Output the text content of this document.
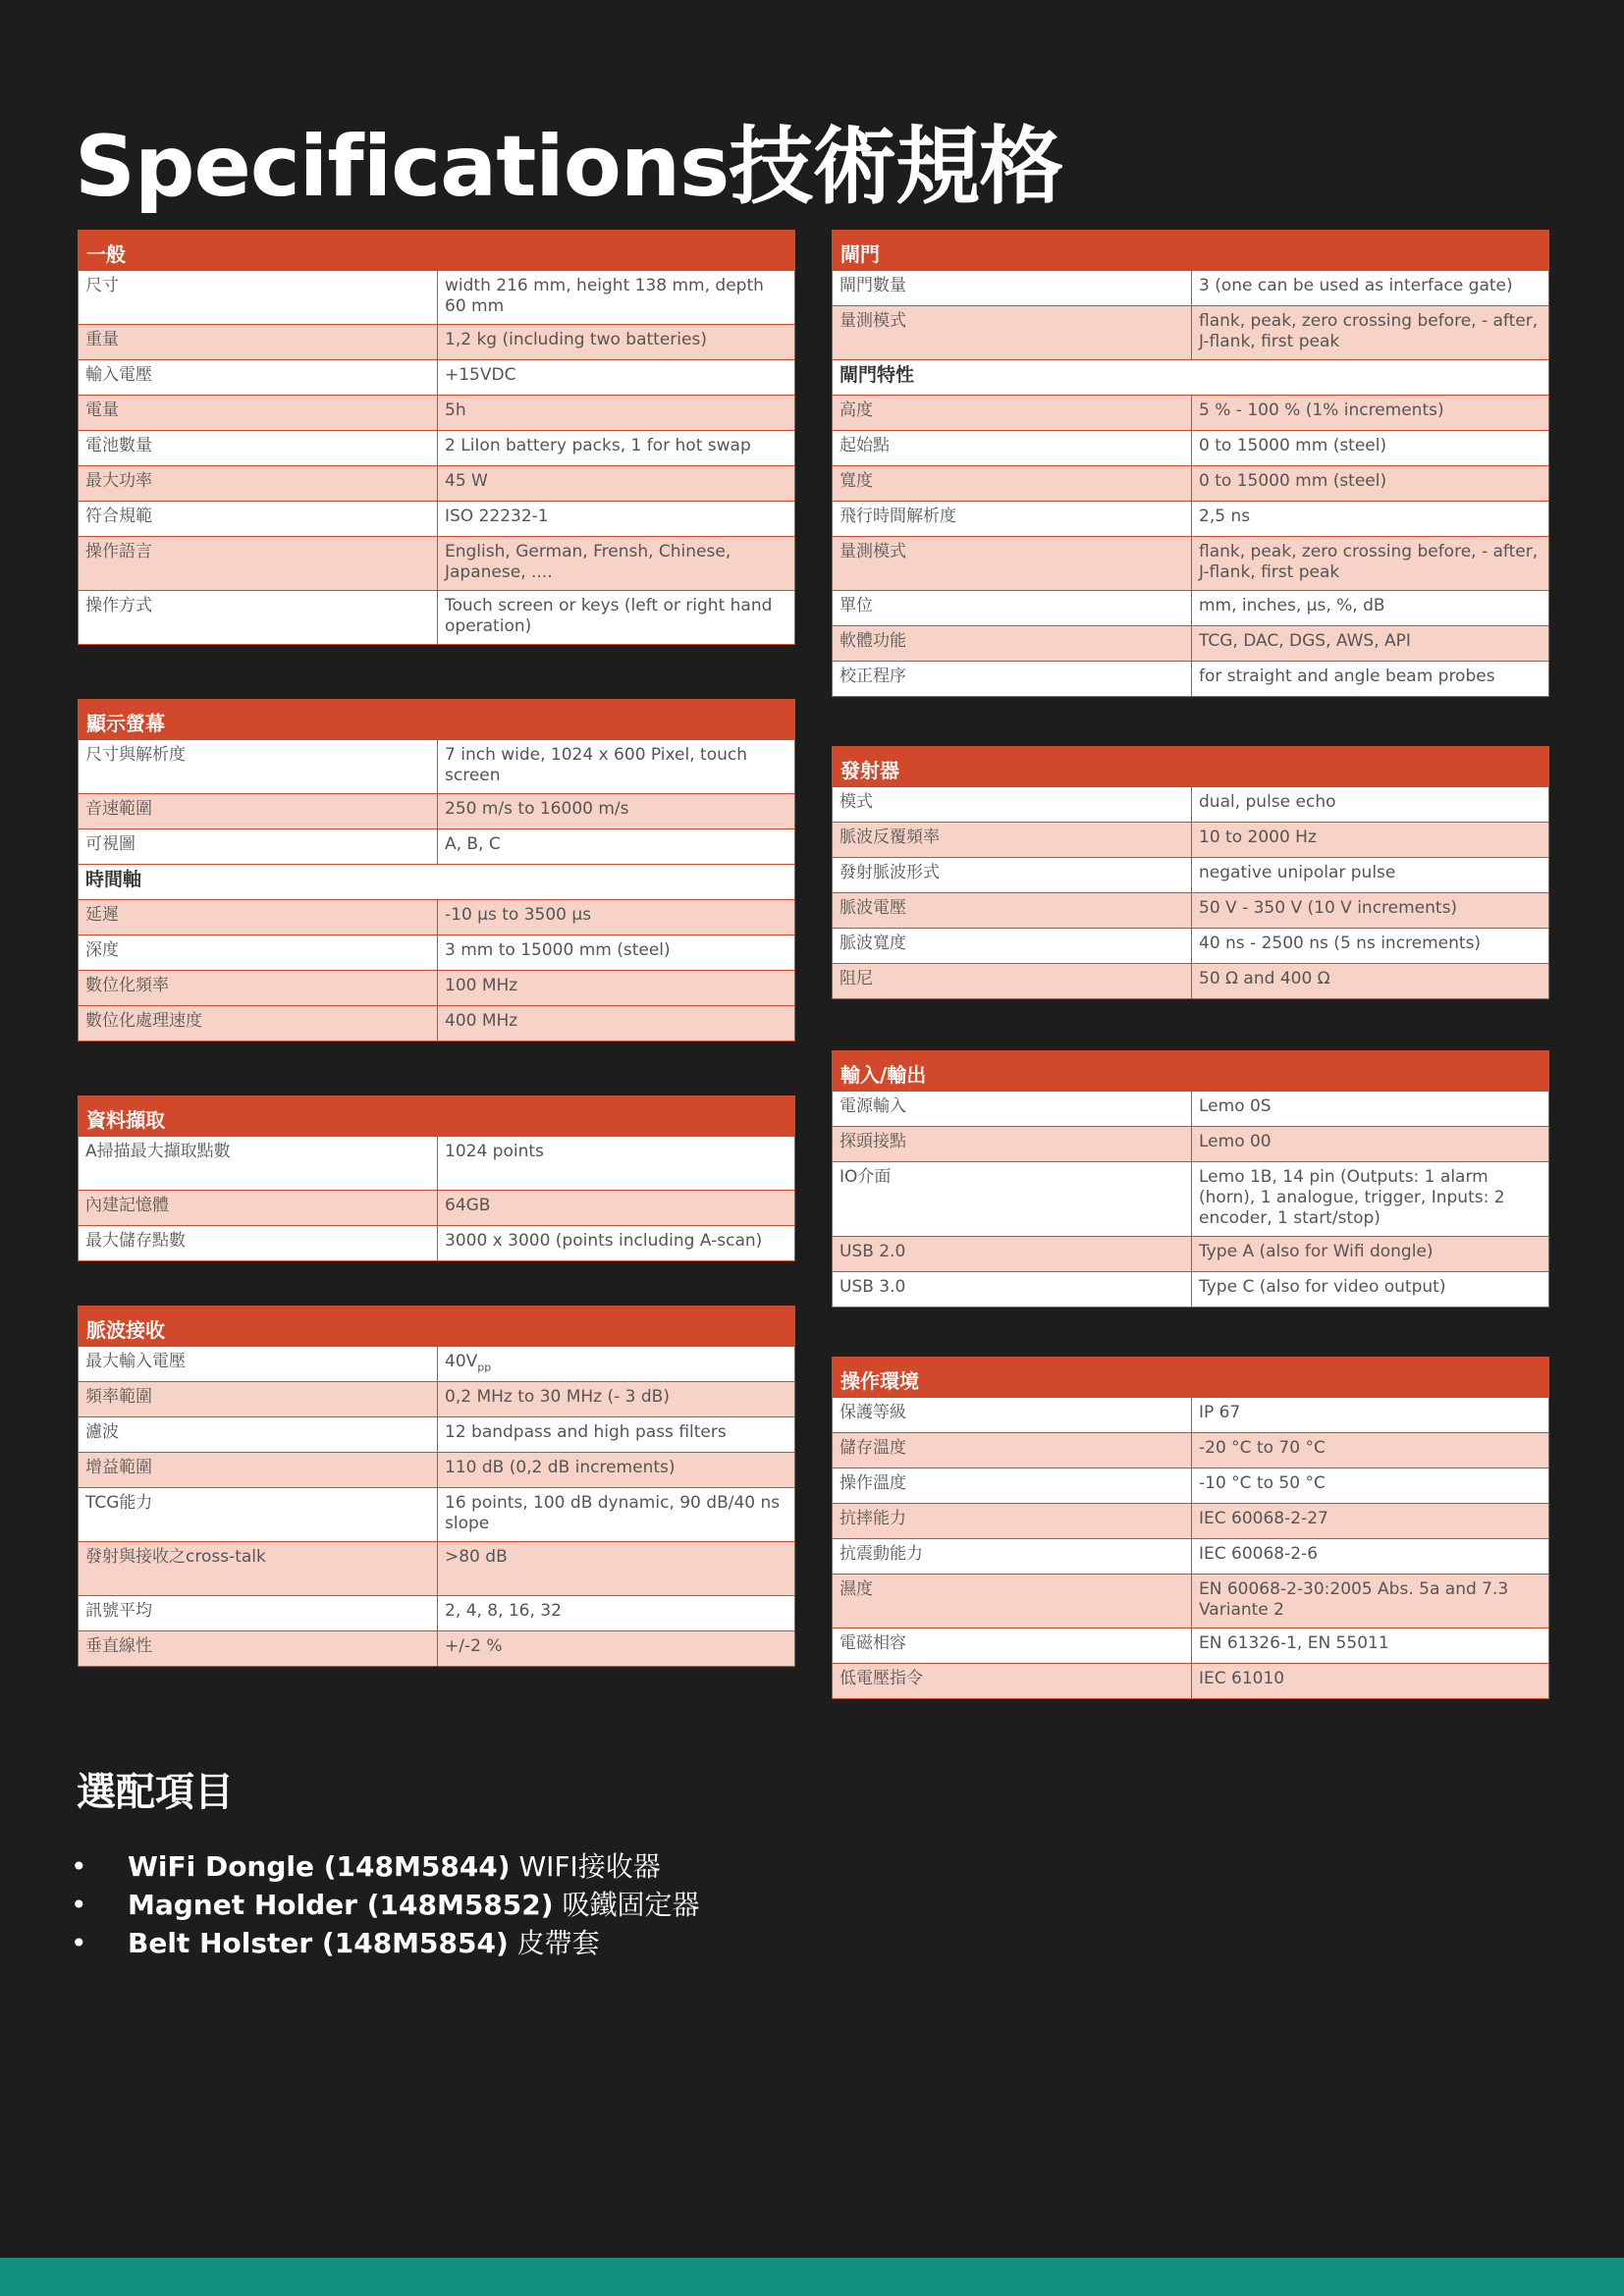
Specifications技術規格
一般	
尺寸	width 216 mm, height 138 mm, depth 60 mm
重量	1,2 kg (including two batteries)
輸入電壓	+15VDC
電量	5h
電池數量	2 LiIon battery packs, 1 for hot swap
最大功率	45 W
符合規範	ISO 22232-1
操作語言	English, German, Frensh, Chinese, Japanese, ....
操作方式	Touch screen or keys (left or right hand operation)
顯示螢幕	
尺寸與解析度	7 inch wide, 1024 x 600 Pixel, touch screen
音速範圍	250 m/s to 16000 m/s
可視圖	A, B, C
時間軸	
延遲	-10 µs to 3500 µs
深度	3 mm to 15000 mm (steel)
數位化頻率	100 MHz
數位化處理速度	400 MHz
資料擷取	
A掃描最大擷取點數	1024 points
內建記憶體	64GB
最大儲存點數	3000 x 3000 (points including A-scan)
脈波接收	
最大輸入電壓	$40V_{pp}$
頻率範圍	0,2 MHz to 30 MHz (- 3 dB)
濾波	12 bandpass and high pass filters
增益範圍	110 dB (0,2 dB increments)
TCG能力	16 points, 100 dB dynamic, 90 dB/40 ns slope
發射與接收之cross-talk	>80 dB
訊號平均	2, 4, 8, 16, 32
垂直線性	+/-2 %
閘門	
閘門數量	3 (one can be used as interface gate)
量測模式	flank, peak, zero crossing before, - after, J-flank, first peak
閘門特性	
高度	5 % - 100 % (1% increments)
起始點	0 to 15000 mm (steel)
寬度	0 to 15000 mm (steel)
飛行時間解析度	2,5 ns
量測模式	flank, peak, zero crossing before, - after, J-flank, first peak
單位	mm, inches, µs, %, dB
軟體功能	TCG, DAC, DGS, AWS, API
校正程序	for straight and angle beam probes
發射器	
模式	dual, pulse echo
脈波反覆頻率	10 to 2000 Hz
發射脈波形式	negative unipolar pulse
脈波電壓	50 V - 350 V (10 V increments)
脈波寬度	40 ns - 2500 ns (5 ns increments)
阻尼	50 Ω and 400 Ω
輸入/輸出	
電源輸入	Lemo 0S
探頭接點	Lemo 00
IO介面	Lemo 1B, 14 pin (Outputs: 1 alarm (horn), 1 analogue, trigger, Inputs: 2 encoder, 1 start/stop)
USB 2.0	Type A (also for Wifi dongle)
USB 3.0	Type C (also for video output)
操作環境	
保護等級	IP 67
儲存溫度	-20 °C to 70 °C
操作溫度	-10 °C to 50 °C
抗摔能力	IEC 60068-2-27
抗震動能力	IEC 60068-2-6
濕度	EN 60068-2-30:2005 Abs. 5a and 7.3 Variante 2
電磁相容	EN 61326-1, EN 55011
低電壓指令	IEC 61010
選配項目
• WiFi Dongle (148M5844) WIFI接收器
• Magnet Holder (148M5852) 吸鐵固定器
• Belt Holster (148M5854) 皮帶套
